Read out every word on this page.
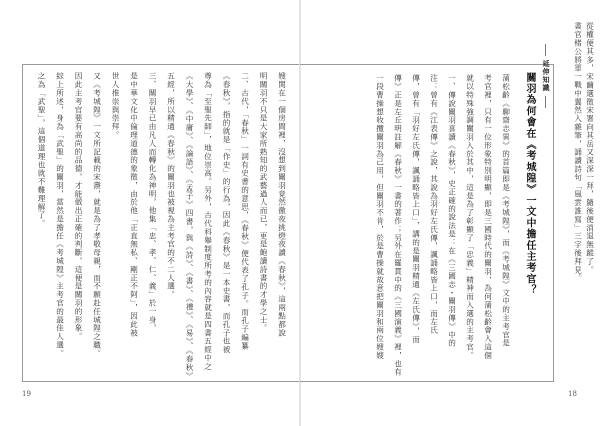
嫂関在一個房間裡，沒想到關羽竟然徹夜挑燈夜讀《春秋》，這兩點都說
明關羽不只是大家所熟知的武藝過人而已，更是飽讀詩書的才學之士。
二、古代，「春秋」一詞有史書的意思，《春秋》便代表了孔子。而孔子編纂
《春秋》，指的就是「作史」的行為，因此《春秋》是一本史書，而孔子也被
尊為「至聖先師」，地位崇高。另外，古代科舉制度所考的內容就是四書五經中之
《大學》、《中庸》、《論語》、《孟子》四書，與《詩》、《書》、《禮》、《易》、《春秋》
五經，所以精通《春秋》的關羽也被視為主考官的不二人選。
三、關羽早已由凡人而轉化為神明，他集「忠、孝、仁、義」於一身，
是中華文化中倫理道德的象徵，由於他「正直無私、剛正不阿」，因此被
世人推崇與崇拜。
又《考城隍》一文所記載的宋燾，就是為了孝敬母親，而不願赴任城隍之職。
因此主考官要有高尚的品德，才能做出正確的判斷，這便是關羽的形象。
綜上所述，身為「武聖」的關羽，當然是擔任《考城隍》主考官的最佳人選。
之為「武聖」，這個道理也就不難理解了。
19
從權便其多，宋繭選徵宋署向其岳又深深一拜，隨後便消退無蹤了。
書官楮公將軍一戰中翼然入雜筆，誦讀詩句「風雲誰寫」三字後拜見。
延伸知識
關羽為何會在《考城隍》一文中擔任主考官？
蒲松齡《聊齋志異》的首篇即是《考城隍》，而《考城隍》文中的主考官是
考官裡，只有一位形象特別明顯，即是三國時代的關羽，為何蒲松齡會入這個
就以特殊強調關羽入於其中，這是為了彰顯了「忠義」精神而入選的主考官。
一、傳說關羽喜讀《春秋》，史正確的說法是：在《三國志・關羽傳》中的
注：曾有《江表傳》之說，其說為羽好左氏傳，諷誦略皆上口，而左氏
傳，曾有「羽好左氏傳，諷誦略皆上口」，講的是關羽精通《左氏傳》，而
傳》正是左丘明註解《春秋》一書的著作；另外在羅貫中的《三國演義》裡，也有
一段曹操想收攬關羽為己用，但關羽不肯，於是曹操就故意把關羽和兩位嫂嫂
18
